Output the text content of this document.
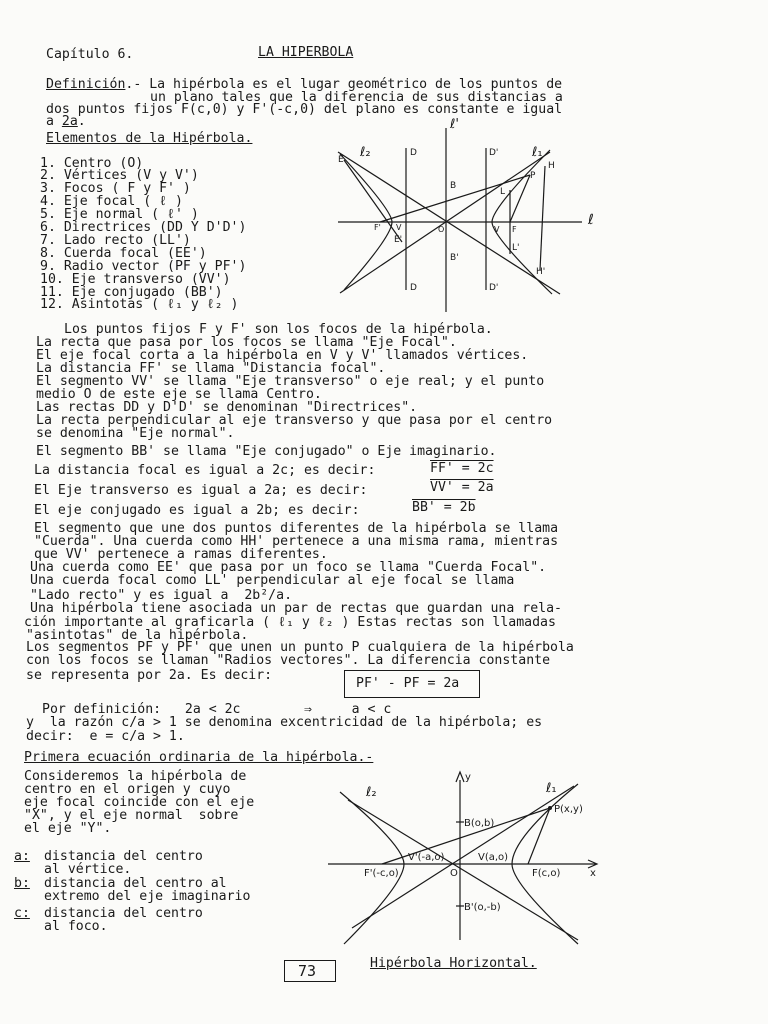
Capítulo 6.	LA HIPERBOLA
Definición.- La hipérbola es el lugar geométrico de los puntos de
un plano tales que la diferencia de sus distancias a
dos puntos fijos F(c,0) y F'(-c,0) del plano es constante e igual
a 2a.
Elementos de la Hipérbola.
1. Centro (O)
2. Vértices (V y V')
3. Focos ( F y F' )
4. Eje focal ( ℓ )
5. Eje normal ( ℓ' )
6. Directrices (DD Y D'D')
7. Lado recto (LL')
8. Cuerda focal (EE')
9. Radio vector (PF y PF')
10. Eje transverso (VV')
11. Eje conjugado (BB')
12. Asintotas ( ℓ₁ y ℓ₂ )
ℓ'
ℓ
ℓ₁
ℓ₂	D	D'
D	D'
E
E'
H
H'
P
B
B'
L
L'
F
F'	V
V	O
Los puntos fijos F y F' son los focos de la hipérbola.
La recta que pasa por los focos se llama "Eje Focal".
El eje focal corta a la hipérbola en V y V' llamados vértices.
La distancia FF' se llama "Distancia focal".
El segmento VV' se llama "Eje transverso" o eje real; y el punto
medio O de este eje se llama Centro.
Las rectas DD y D'D' se denominan "Directrices".
La recta perpendicular al eje transverso y que pasa por el centro
se denomina "Eje normal".
El segmento BB' se llama "Eje conjugado" o Eje imaginario.
La distancia focal es igual a 2c; es decir:	FF' = 2c
El Eje transverso es igual a 2a; es decir:	VV' = 2a
El eje conjugado es igual a 2b; es decir:	BB' = 2b
El segmento que une dos puntos diferentes de la hipérbola se llama
"Cuerda". Una cuerda como HH' pertenece a una misma rama, mientras
que VV' pertenece a ramas diferentes.
Una cuerda como EE' que pasa por un foco se llama "Cuerda Focal".
Una cuerda focal como LL' perpendicular al eje focal se llama
"Lado recto" y es igual a  2b²/a.
Una hipérbola tiene asociada un par de rectas que guardan una rela-
ción importante al graficarla ( ℓ₁ y ℓ₂ ) Estas rectas son llamadas
"asintotas" de la hipérbola.
Los segmentos PF y PF' que unen un punto P cualquiera de la hipérbola
con los focos se llaman "Radios vectores". La diferencia constante
se representa por 2a. Es decir:
PF' - PF = 2a
Por definición:   2a < 2c        ⇒     a < c
y  la razón c/a > 1 se denomina excentricidad de la hipérbola; es
decir:  e = c/a > 1.
Primera ecuación ordinaria de la hipérbola.-
Consideremos la hipérbola de
centro en el origen y cuyo
eje focal coincide con el eje
"X", y el eje normal  sobre
el eje "Y".
a: distancia del centro
al vértice.
b: distancia del centro al
extremo del eje imaginario
c: distancia del centro
al foco.
y
x
ℓ₁
ℓ₂
P(x,y)
B(o,b)
B'(o,-b)
V(a,o)
V'(-a,o)
F(c,o)
F'(-c,o)	O
Hipérbola Horizontal.
73
